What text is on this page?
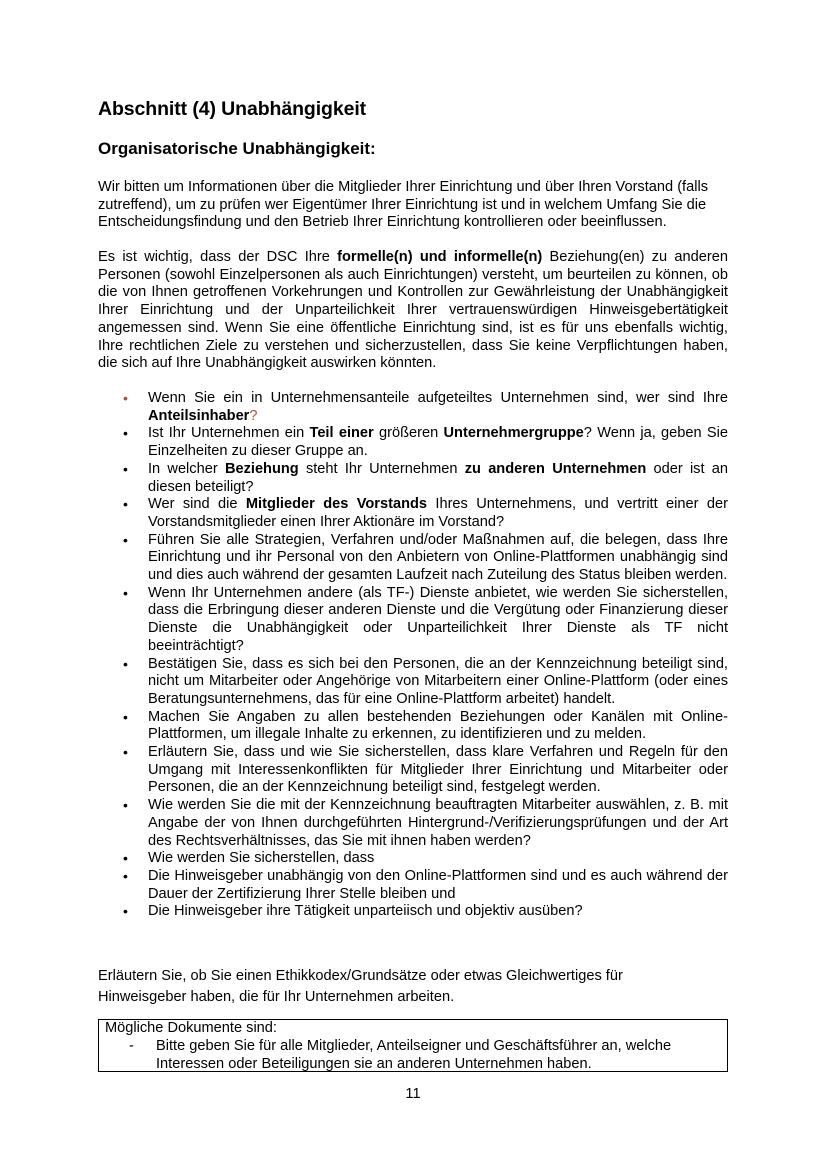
Abschnitt (4) Unabhängigkeit
Organisatorische Unabhängigkeit:

Wir bitten um Informationen über die Mitglieder Ihrer Einrichtung und über Ihren Vorstand (falls zutreffend), um zu prüfen wer Eigentümer Ihrer Einrichtung ist und in welchem Umfang Sie die Entscheidungsfindung und den Betrieb Ihrer Einrichtung kontrollieren oder beeinflussen.

Es ist wichtig, dass der DSC Ihre formelle(n) und informelle(n) Beziehung(en) zu anderen Personen (sowohl Einzelpersonen als auch Einrichtungen) versteht, um beurteilen zu können, ob die von Ihnen getroffenen Vorkehrungen und Kontrollen zur Gewährleistung der Unabhängigkeit Ihrer Einrichtung und der Unparteilichkeit Ihrer vertrauenswürdigen Hinweisgebertätigkeit angemessen sind. Wenn Sie eine öffentliche Einrichtung sind, ist es für uns ebenfalls wichtig, Ihre rechtlichen Ziele zu verstehen und sicherzustellen, dass Sie keine Verpflichtungen haben, die sich auf Ihre Unabhängigkeit auswirken könnten.

• Wenn Sie ein in Unternehmensanteile aufgeteiltes Unternehmen sind, wer sind Ihre Anteilsinhaber?
• Ist Ihr Unternehmen ein Teil einer größeren Unternehmergruppe? Wenn ja, geben Sie Einzelheiten zu dieser Gruppe an.
• In welcher Beziehung steht Ihr Unternehmen zu anderen Unternehmen oder ist an diesen beteiligt?
• Wer sind die Mitglieder des Vorstands Ihres Unternehmens, und vertritt einer der Vorstandsmitglieder einen Ihrer Aktionäre im Vorstand?
• Führen Sie alle Strategien, Verfahren und/oder Maßnahmen auf, die belegen, dass Ihre Einrichtung und ihr Personal von den Anbietern von Online-Plattformen unabhängig sind und dies auch während der gesamten Laufzeit nach Zuteilung des Status bleiben werden.
• Wenn Ihr Unternehmen andere (als TF-) Dienste anbietet, wie werden Sie sicherstellen, dass die Erbringung dieser anderen Dienste und die Vergütung oder Finanzierung dieser Dienste die Unabhängigkeit oder Unparteilichkeit Ihrer Dienste als TF nicht beeinträchtigt?
• Bestätigen Sie, dass es sich bei den Personen, die an der Kennzeichnung beteiligt sind, nicht um Mitarbeiter oder Angehörige von Mitarbeitern einer Online-Plattform (oder eines Beratungsunternehmens, das für eine Online-Plattform arbeitet) handelt.
• Machen Sie Angaben zu allen bestehenden Beziehungen oder Kanälen mit Online-Plattformen, um illegale Inhalte zu erkennen, zu identifizieren und zu melden.
• Erläutern Sie, dass und wie Sie sicherstellen, dass klare Verfahren und Regeln für den Umgang mit Interessenkonflikten für Mitglieder Ihrer Einrichtung und Mitarbeiter oder Personen, die an der Kennzeichnung beteiligt sind, festgelegt werden.
• Wie werden Sie die mit der Kennzeichnung beauftragten Mitarbeiter auswählen, z. B. mit Angabe der von Ihnen durchgeführten Hintergrund-/Verifizierungsprüfungen und der Art des Rechtsverhältnisses, das Sie mit ihnen haben werden?
• Wie werden Sie sicherstellen, dass
• Die Hinweisgeber unabhängig von den Online-Plattformen sind und es auch während der Dauer der Zertifizierung Ihrer Stelle bleiben und
• Die Hinweisgeber ihre Tätigkeit unparteiisch und objektiv ausüben?

Erläutern Sie, ob Sie einen Ethikkodex/Grundsätze oder etwas Gleichwertiges für
Hinweisgeber haben, die für Ihr Unternehmen arbeiten.

Mögliche Dokumente sind:
- Bitte geben Sie für alle Mitglieder, Anteilseigner und Geschäftsführer an, welche Interessen oder Beteiligungen sie an anderen Unternehmen haben.
11
